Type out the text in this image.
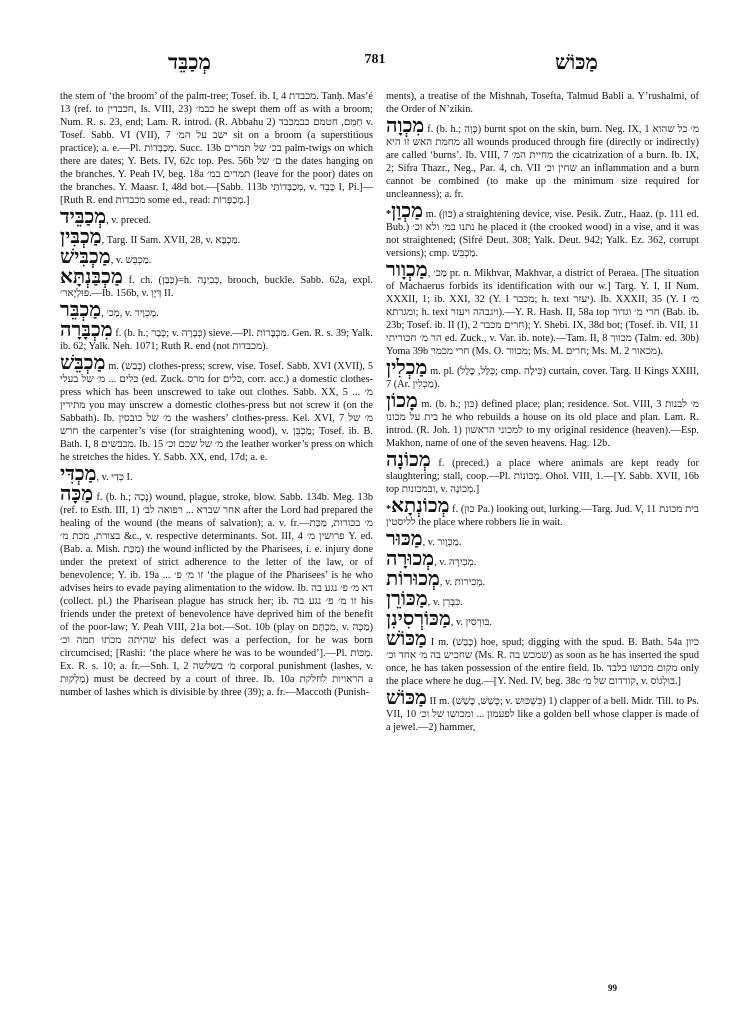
מְכַבֵּד	781	מַכּוֹשׁ

the stem of ‘the broom’ of the palm-tree; Tosef. ib. I, 4 מכבדת. Tanḥ. Mas’é 13 (ref. to חכבדין, Is. VIII, 23) כבמ׳ he swept them off as with a broom; Num. R. s. 23, end; Lam. R. introd. (R. Abbahu 2) חַמֵּם, חטמם כבמכבד v. Tosef. Sabb. VI (VII), 7 ישב על המ׳ sit on a broom (a superstitious practice); a. e.—Pl. מְכַבְּדוֹת. Succ. 13b בכ׳ של תמרים palm-twigs on which there are dates; Y. Bets. IV, 62c top. Pes. 56b ם׳ של the dates hanging on the branches. Y. Peah IV, beg. 18a תמרים במ׳ (leave for the poor) dates on the branches. Y. Maasr. I, 48d bot.—[Sabb. 113b מְכַבְּדוֹתַי, v. כָּבֵד I, Pi.]—[Ruth R. end מכבדות some ed., read: מְכַפְּרוֹת.]

מְכַבֵּיד, v. preced.

מַכְבִּין, Targ. II Sam. XVII, 28, v. מַכְבָּא.

מַכְבִּישׁ, v. מַכְבֵּשׁ.

מַכְבַּנְתָּא f. ch. (כַּבַּן)=h. כְּבִינָה, brooch, buckle. Sabb. 62a, expl. פּוּלְיָאר׳.—Ib. 156b, v. דְּיָוְ II.

מַכְבֵּר, מַכ׳, v. מַכְוָיר.

מִכְבָּרָה f. (b. h.; כָּבַר; v. כְּבָרָה) sieve.—Pl. מִכְבָּרוֹת. Gen. R. s. 39; Yalk. ib. 62; Yalk. Neh. 1071; Ruth R. end (not מכבדות).

מַכְבֵּשׁ m. (כָּבַשׁ) clothes-press; screw, vise. Tosef. Sabb. XVI (XVII), 5 כלים ... מ׳ של בעלי (ed. Zuck. מרס for כלים, corr. acc.) a domestic clothes-press which has been unscrewed to take out clothes. Sabb. XX, 5 מ׳ ... מתירין you may unscrew a domestic clothes-press but not screw it (on the Sabbath). Ib. מ׳ של כובסין the washers’ clothes-press. Kel. XVI, 7 מ׳ של חרש the carpenter’s vise (for straightening wood), v. מַכְבֵּן; Tosef. ib. B. Bath. I, 8 מכבשים. Ib. 15 מ׳ של שכם וכ׳ the leather worker’s press on which he stretches the hides. Y. Sabb. XX, end, 17d; a. e.

מַכְדִּי, v. כְּדִי I.

מַכָּה f. (b. h.; נָכָה) wound, plague, stroke, blow. Sabb. 134b. Meg. 13b (ref. to Esth. III, 1) אחר שברא ... רפואה לב׳ after the Lord had prepared the healing of the wound (the means of salvation); a. v. fr.—מ׳ בכורות, מַכַּת בצורת, מכת מ׳ &c., v. respective determinants. Sot. III, 4 פרושין מ׳ Y. ed. (Bab. a. Mish. מַכַּת) the wound inflicted by the Pharisees, i. e. injury done under the pretext of strict adherence to the letter of the law, or of benevolence; Y. ib. 19a ... זו מ׳ פ׳ ‘the plague of the Pharisees’ is he who advises heirs to evade paying alimentation to the widow. Ib. דא מ׳ פ׳ נגע בה (collect. pl.) the Pharisean plague has struck her; ib. זו מ׳ פ׳ נגע בה his friends under the pretext of benevolence have deprived him of the benefit of the poor-law; Y. Peah VIII, 21a bot.—Sot. 10b (play on מִכְתָּם, v. מַכָּה) שהיתה מכתו תמה וכ׳ his defect was a perfection, for he was born circumcised; [Rashi: ‘the place where he was to be wounded’].—Pl. מַכּוֹת. Ex. R. s. 10; a. fr.—Snh. I, 2 מ׳ בשלשה corporal punishment (lashes, v. מַלְקוּת) must be decreed by a court of three. Ib. 10a הראויות לחלקת a number of lashes which is divisible by three (39); a. fr.—Maccoth (Punish-

ments), a treatise of the Mishnah, Tosefta, Talmud Babli a. Y’rushalmi, of the Order of N’zikin.

מִכְוָה f. (b. h.; כָּוָה) burnt spot on the skin, burn. Neg. IX, 1 מ׳ כל שהוא מחמת האש זו היא all wounds produced through fire (directly or indirectly) are called ‘burns’. Ib. VIII, 7 מחיית המ׳ the cicatrization of a burn. Ib. IX, 2; Sifra Thazr., Neg., Par. 4, ch. VII שחין וכ׳ an inflammation and a burn cannot be combined (to make up the minimum size required for uncleanness); a. fr.

*מַכְוַן m. (כּוּן) a straightening device, vise. Pesik. Zutr., Haaz. (p. 111 ed. Bub.) נתנו במ׳ ולא וכ׳ he placed it (the crooked wood) in a vise, and it was not straightened; (Sifré Deut. 308; Yalk. Deut. 942; Yalk. Ez. 362, corrupt versions); cmp. מַכְבֵּשׁ.

מַכְוָור, מַכ׳ pr. n. Mikhvar, Makhvar, a district of Peraea. [The situation of Machaerus forbids its identification with our w.] Targ. Y. I, II Num. XXXII, 1; ib. XXI, 32 (Y. I מכבר; h. text יעזר). Ib. XXXII, 35 (Y. I מ׳ ומגרתא; h. text ויגבהה ויעזר).—Y. R. Hash. II, 58a top חרי מ׳ וגדור (Bab. ib. 23b; Tosef. ib. II (I), 2 חרים מכבר); Y. Shebi. IX, 38d bot; (Tosef. ib. VII, 11 הר מ׳ חכוריתי ed. Zuck., v. Var. ib. note).—Tam. II, 8 מכווך (Talm. ed. 30b) Yoma 39b חרי מכמר (Ms. O. מכוור; Ms. M. חרים; Ms. M. 2 מכאור).

מַכְלִין m. pl. (כְּלַל, כָּלַל; cmp. כִּילָה) curtain, cover. Targ. II Kings XXIII, 7 (Ar. מַכְלִין).

מָכוֹן m. (b. h.; כּוּן) defined place; plan; residence. Sot. VIII, 3 מ׳ לבנות בית על מכונו he who rebuilds a house on its old place and plan. Lam. R. introd. (R. Joh. 1) למכוני הראשון to my original residence (heaven).—Esp. Makhon, name of one of the seven heavens. Hag. 12b.

מְכוֹנָה f. (preced.) a place where animals are kept ready for slaughtering; stall, coop.—Pl. מְכוֹנוֹת. Ohol. VIII, 1.—[Y. Sabb. XVII, 16b top ובמכונות, v. מְכוֹנָה.]

*מְכוֹנְתָא f. (כוּן Pa.) looking out, lurking.—Targ. Jud. V, 11 בית מכונת לליסטין the place where robbers lie in wait.

מַכּוּר, v. מַכְוָור.

מְכוּרָה, v. מְכִירָה.

מְכוּרוֹת, v. מְכִירוֹת.

מַכּוֹרֵן, v. כִּבְּרֵן.

מַכּוֹרְסִינִן, v. בּוּרְסִין.

מַכּוֹשׁ I m. (כָּבַשׁ) hoe, spud; digging with the spud. B. Bath. 54a כיון שחכיש בה מ׳ אחד וכ׳ (Ms. R. שמכש בה) as soon as he has inserted the spud once, he has taken possession of the entire field. Ib. מקום מכושו בלבד only the place where he dug.—[Y. Ned. IV, beg. 38c קורדום של מ׳, v. בּוּלְגוֹס.]

מַכּוֹשׁ II m. (כָּשַׁשׁ, כָּשַׁשׁ; v. כִּשְׁכּוּשׁ) 1) clapper of a bell. Midr. Till. to Ps. VII, 10 לפעמון ... ומכושו של וכ׳ like a golden bell whose clapper is made of a jewel.—2) hammer,

99
